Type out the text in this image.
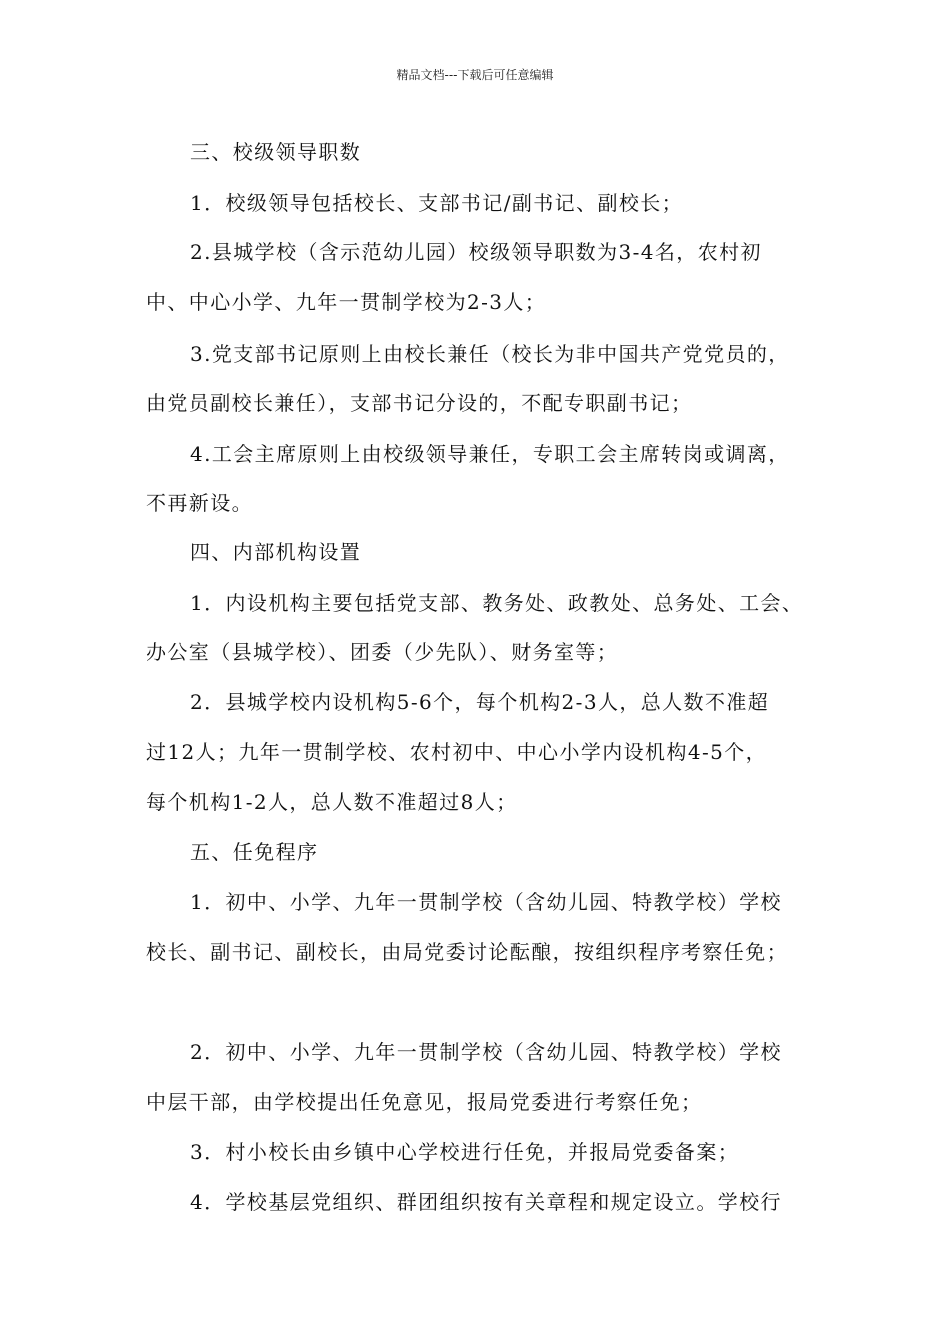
精品文档---下载后可任意编辑
三、校级领导职数
1．校级领导包括校长、支部书记/副书记、副校长；
2.县城学校（含示范幼儿园）校级领导职数为3-4名，农村初
中、中心小学、九年一贯制学校为2-3人；
3.党支部书记原则上由校长兼任（校长为非中国共产党党员的，
由党员副校长兼任），支部书记分设的，不配专职副书记；
4.工会主席原则上由校级领导兼任，专职工会主席转岗或调离，
不再新设。
四、内部机构设置
1．内设机构主要包括党支部、教务处、政教处、总务处、工会、
办公室（县城学校）、团委（少先队）、财务室等；
2．县城学校内设机构5-6个，每个机构2-3人，总人数不准超
过12人；九年一贯制学校、农村初中、中心小学内设机构4-5个，
每个机构1-2人，总人数不准超过8人；
五、任免程序
1．初中、小学、九年一贯制学校（含幼儿园、特教学校）学校
校长、副书记、副校长，由局党委讨论酝酿，按组织程序考察任免；
2．初中、小学、九年一贯制学校（含幼儿园、特教学校）学校
中层干部，由学校提出任免意见，报局党委进行考察任免；
3．村小校长由乡镇中心学校进行任免，并报局党委备案；
4．学校基层党组织、群团组织按有关章程和规定设立。学校行
